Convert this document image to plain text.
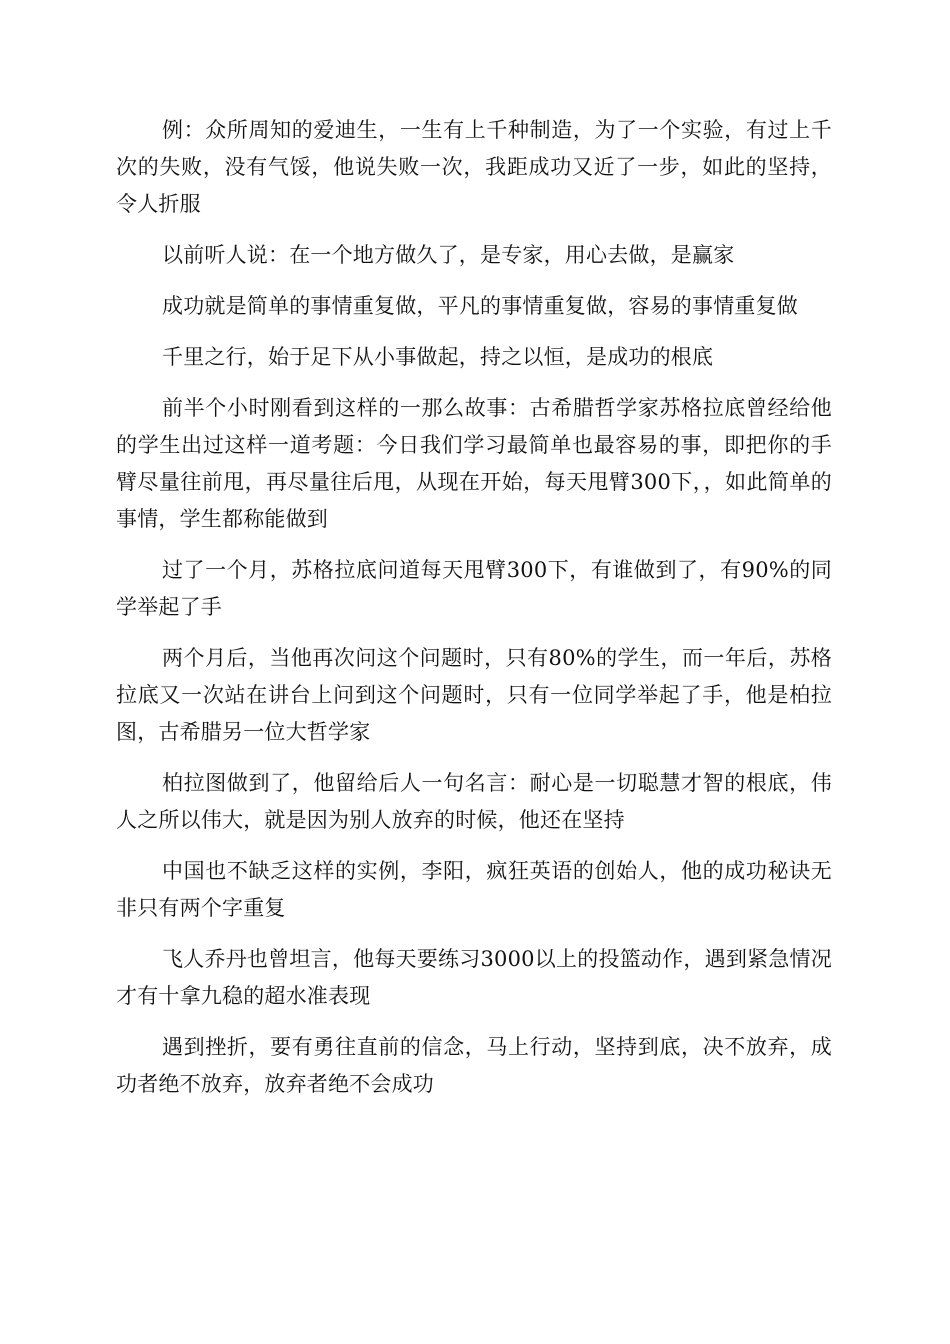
例：众所周知的爱迪生，一生有上千种制造，为了一个实验，有过上千次的失败，没有气馁，他说失败一次，我距成功又近了一步，如此的坚持，令人折服

以前听人说：在一个地方做久了，是专家，用心去做，是赢家

成功就是简单的事情重复做，平凡的事情重复做，容易的事情重复做

千里之行，始于足下从小事做起，持之以恒，是成功的根底

前半个小时刚看到这样的一那么故事：古希腊哲学家苏格拉底曾经给他的学生出过这样一道考题：今日我们学习最简单也最容易的事，即把你的手臂尽量往前甩，再尽量往后甩，从现在开始，每天甩臂300下，，如此简单的事情，学生都称能做到

过了一个月，苏格拉底问道每天甩臂300下，有谁做到了，有90%的同学举起了手

两个月后，当他再次问这个问题时，只有80%的学生，而一年后，苏格拉底又一次站在讲台上问到这个问题时，只有一位同学举起了手，他是柏拉图，古希腊另一位大哲学家

柏拉图做到了，他留给后人一句名言：耐心是一切聪慧才智的根底，伟人之所以伟大，就是因为别人放弃的时候，他还在坚持

中国也不缺乏这样的实例，李阳，疯狂英语的创始人，他的成功秘诀无非只有两个字重复

飞人乔丹也曾坦言，他每天要练习3000以上的投篮动作，遇到紧急情况才有十拿九稳的超水准表现

遇到挫折，要有勇往直前的信念，马上行动，坚持到底，决不放弃，成功者绝不放弃，放弃者绝不会成功
